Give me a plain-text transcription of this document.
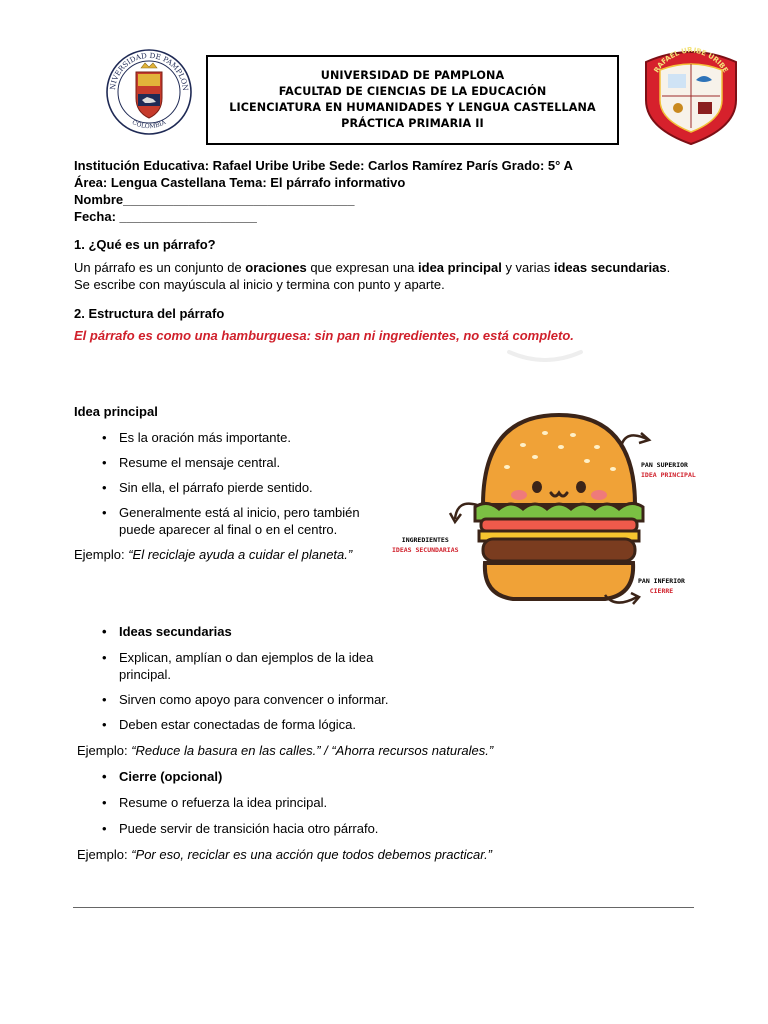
NIVERSIDAD DE PAMPLON
COLOMBIA
UNIVERSIDAD DE PAMPLONA
FACULTAD DE CIENCIAS DE LA EDUCACIÓN
LICENCIATURA EN HUMANIDADES Y LENGUA CASTELLANA
PRÁCTICA PRIMARIA II
RAFAEL URIBE URIBE
Institución Educativa: Rafael Uribe Uribe Sede: Carlos Ramírez París Grado: 5° A
Área: Lengua Castellana Tema: El párrafo informativo
Nombre________________________________
Fecha: ___________________
1. ¿Qué es un párrafo?
Un párrafo es un conjunto de oraciones que expresan una idea principal y varias ideas secundarias.
Se escribe con mayúscula al inicio y termina con punto y aparte.
2. Estructura del párrafo
El párrafo es como una hamburguesa: sin pan ni ingredientes, no está completo.
Idea principal
• Es la oración más importante.
• Resume el mensaje central.
• Sin ella, el párrafo pierde sentido.
• Generalmente está al inicio, pero también puede aparecer al final o en el centro.
Ejemplo: “El reciclaje ayuda a cuidar el planeta.”
PAN SUPERIOR
IDEA PRINCIPAL
INGREDIENTES
IDEAS SECUNDARIAS
PAN INFERIOR
CIERRE
• Ideas secundarias
• Explican, amplían o dan ejemplos de la idea principal.
• Sirven como apoyo para convencer o informar.
• Deben estar conectadas de forma lógica.
Ejemplo: “Reduce la basura en las calles.” / “Ahorra recursos naturales.”
• Cierre (opcional)
• Resume o refuerza la idea principal.
• Puede servir de transición hacia otro párrafo.
Ejemplo: “Por eso, reciclar es una acción que todos debemos practicar.”
